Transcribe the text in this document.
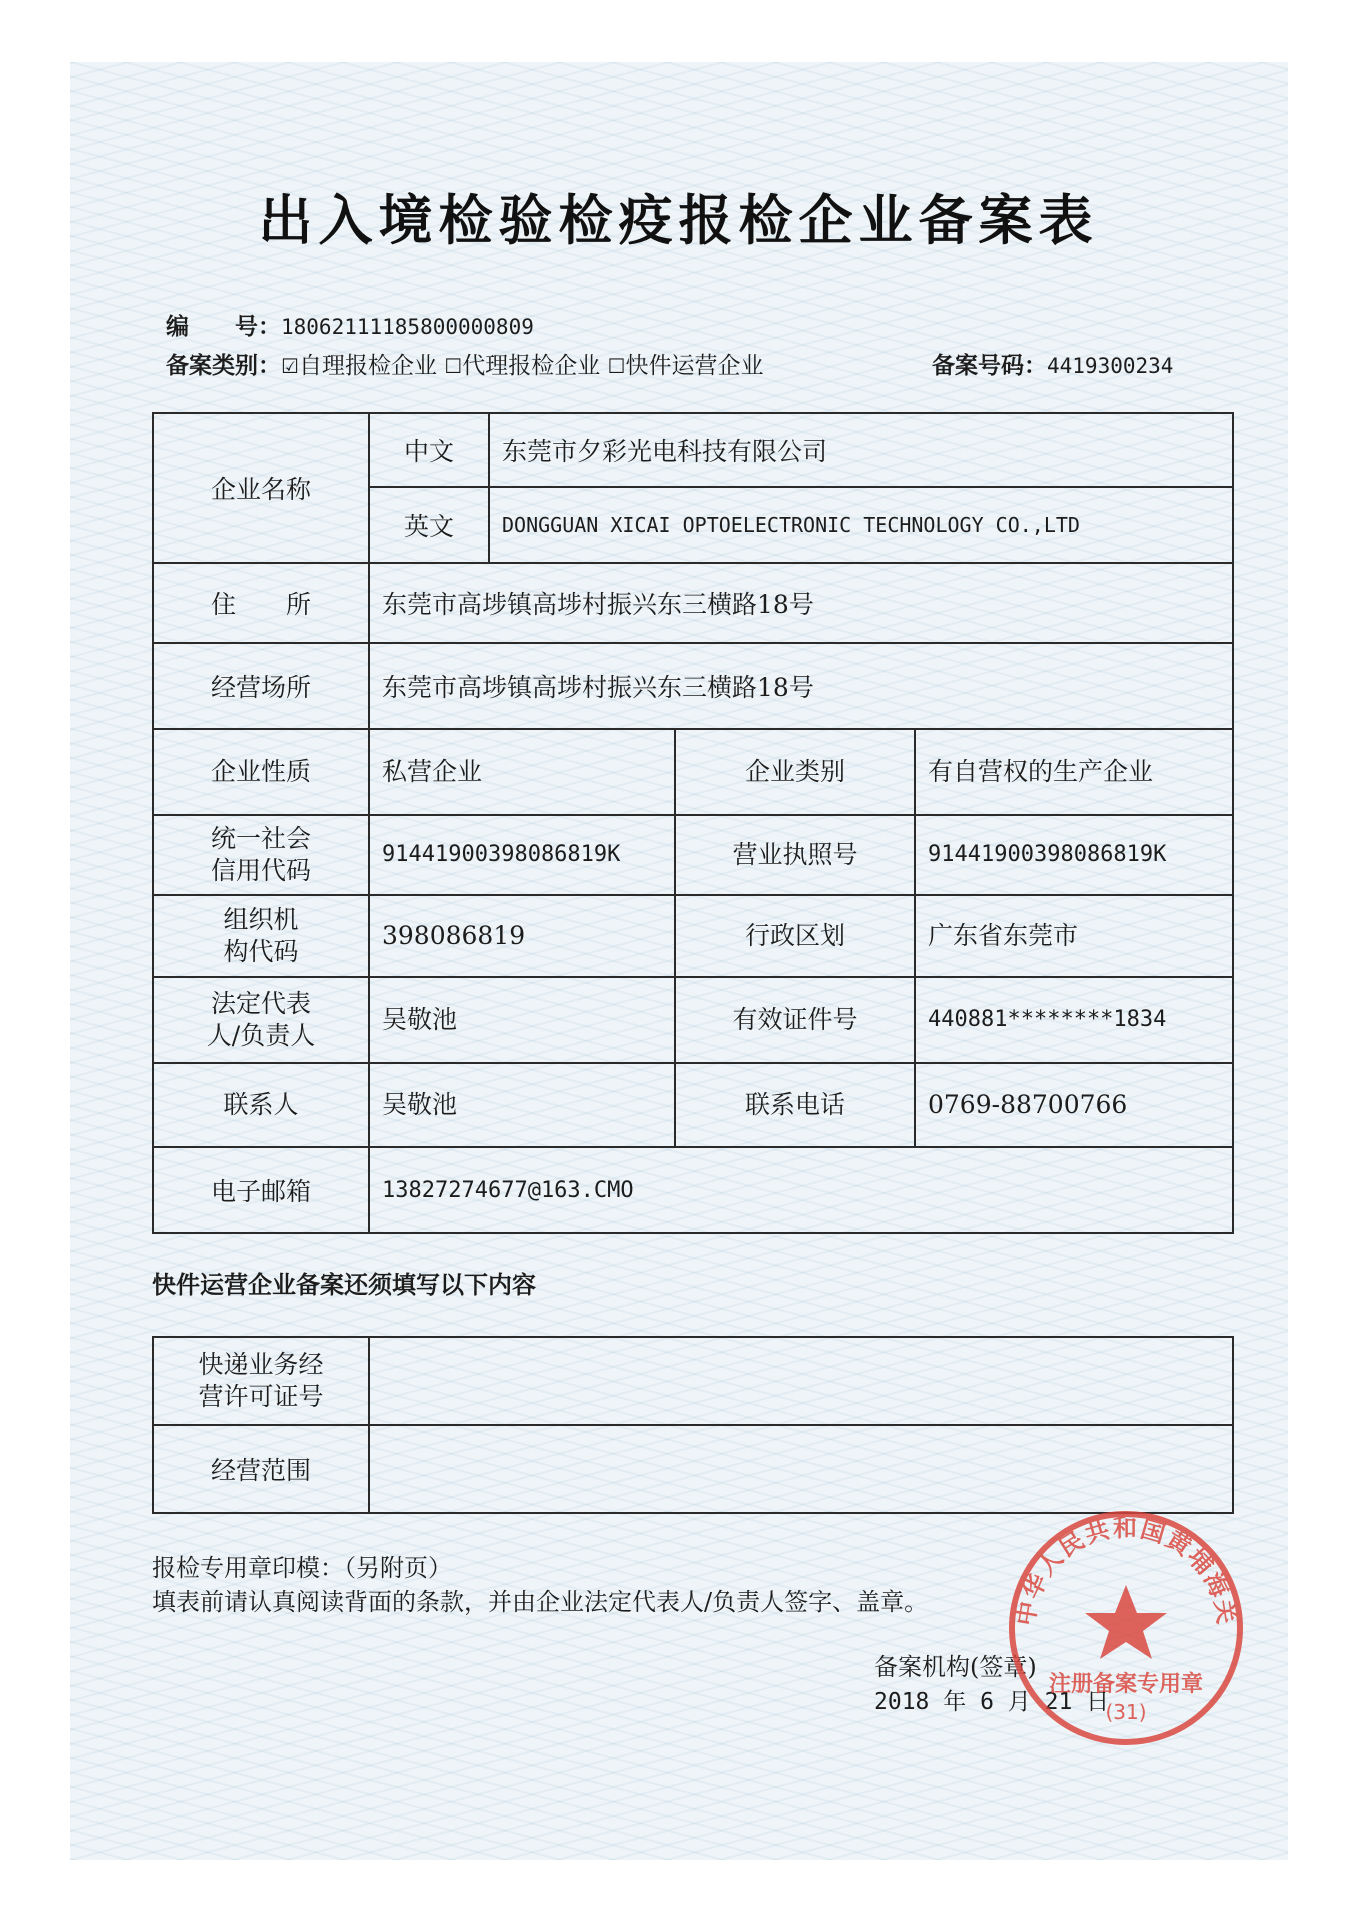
出入境检验检疫报检企业备案表
编　　号：18062111185800000809
备案类别：☑自理报检企业 ☐代理报检企业 ☐快件运营企业	备案号码：4419300234
企业名称	中文	东莞市夕彩光电科技有限公司		
	英文	DONGGUAN XICAI OPTOELECTRONIC TECHNOLOGY CO.,LTD		
住　　所	东莞市高埗镇高埗村振兴东三横路18号			
经营场所	东莞市高埗镇高埗村振兴东三横路18号			
企业性质	私营企业		企业类别	有自营权的生产企业
统一社会
信用代码	91441900398086819K		营业执照号	91441900398086819K
组织机
构代码	398086819		行政区划	广东省东莞市
法定代表
人/负责人	吴敬池		有效证件号	440881********1834
联系人	吴敬池		联系电话	0769-88700766
电子邮箱	13827274677@163.CMO			
快件运营企业备案还须填写以下内容
快递业务经
营许可证号	
经营范围	
报检专用章印模：（另附页）
填表前请认真阅读背面的条款，并由企业法定代表人/负责人签字、盖章。
备案机构(签章)
2018 年 6 月 21 日
中华人民共和国黄埔海关
注册备案专用章
(31)
